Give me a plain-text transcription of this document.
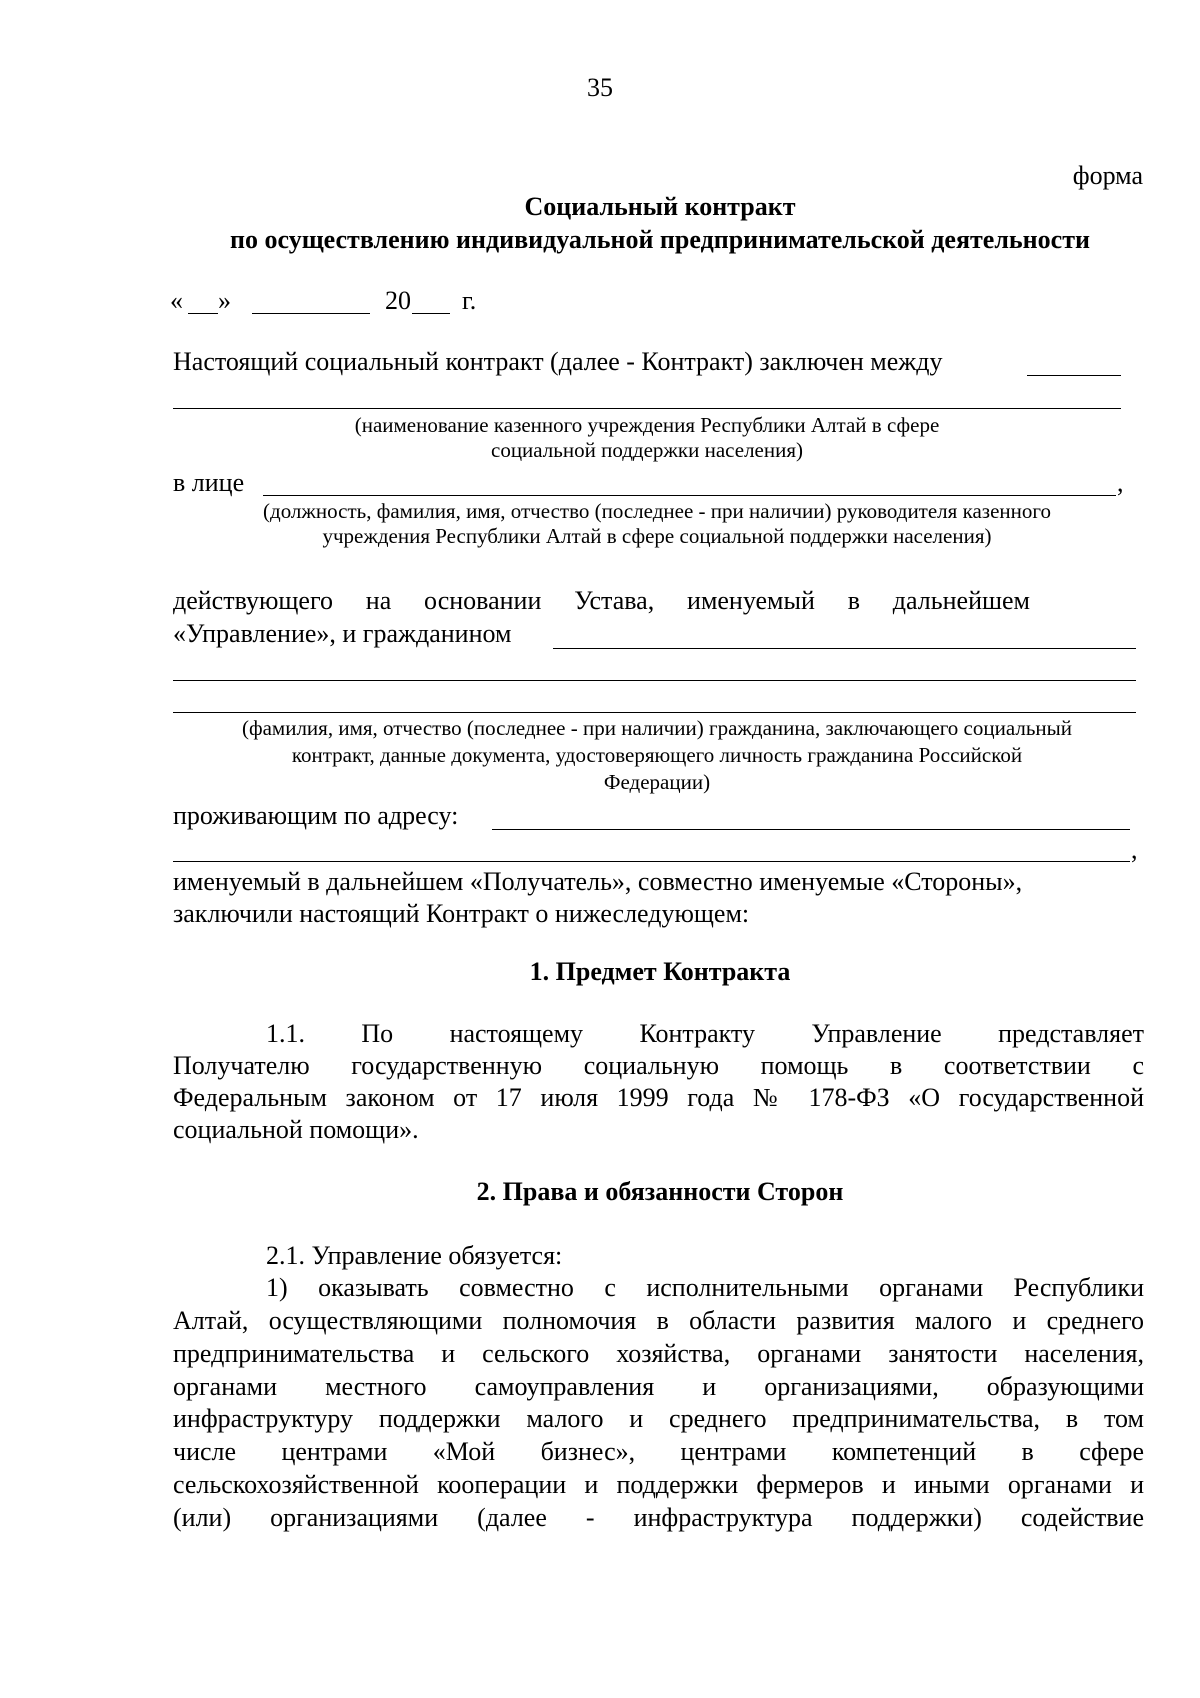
35
форма
Социальный контракт
по осуществлению индивидуальной предпринимательской деятельности
« »	20 г.
Настоящий социальный контракт (далее - Контракт) заключен между
(наименование казенного учреждения Республики Алтай в сфере
социальной поддержки населения)
в лице	,
(должность, фамилия, имя, отчество (последнее - при наличии) руководителя казенного
учреждения Республики Алтай в сфере социальной поддержки населения)
действующего на основании Устава, именуемый в дальнейшем
«Управление», и гражданином
(фамилия, имя, отчество (последнее - при наличии) гражданина, заключающего социальный
контракт, данные документа, удостоверяющего личность гражданина Российской
Федерации)
проживающим по адресу:
,
именуемый в дальнейшем «Получатель», совместно именуемые «Стороны»,
заключили настоящий Контракт о нижеследующем:
1. Предмет Контракта
1.1. По настоящему Контракту Управление представляет
Получателю государственную социальную помощь в соответствии с
Федеральным законом от 17 июля 1999 года № 178-ФЗ «О государственной
социальной помощи».
2. Права и обязанности Сторон
2.1. Управление обязуется:
1) оказывать совместно с исполнительными органами Республики
Алтай, осуществляющими полномочия в области развития малого и среднего
предпринимательства и сельского хозяйства, органами занятости населения,
органами местного самоуправления и организациями, образующими
инфраструктуру поддержки малого и среднего предпринимательства, в том
числе центрами «Мой бизнес», центрами компетенций в сфере
сельскохозяйственной кооперации и поддержки фермеров и иными органами и
(или) организациями (далее - инфраструктура поддержки) содействие
